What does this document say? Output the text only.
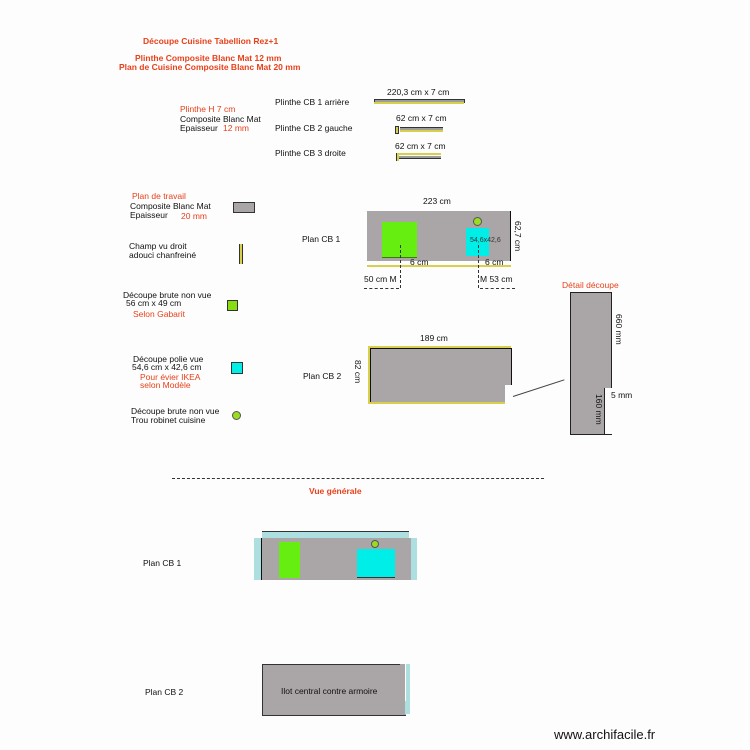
Découpe Cuisine Tabellion Rez+1
Plinthe Composite Blanc Mat 12 mm
Plan de Cuisine Composite Blanc Mat 20 mm
Plinthe H 7 cm
Composite Blanc Mat
Epaisseur 12 mm
Plinthe CB 1 arrière
220,3 cm x 7 cm
Plinthe CB 2 gauche
62 cm x 7 cm
Plinthe CB 3 droite
62 cm x 7 cm
Plan de travail
Composite Blanc Mat
Epaisseur 20 mm
Champ vu droit
adouci chanfreiné
Découpe brute non vue
56 cm x 49 cm
Selon Gabarit
Découpe polie vue
54,6 cm x 42,6 cm
Pour évier IKEA
selon Modèle
Découpe brute non vue
Trou robinet cuisine
Plan CB 1
223 cm
54,6x42,6 62,7 cm
6 cm	6 cm
50 cm M	M 53 cm
Plan CB 2
189 cm
82 cm
Détail découpe
660 mm
160 mm 5 mm
Vue générale
Plan CB 1
Plan CB 2	Ilot central contre armoire
www.archifacile.fr
